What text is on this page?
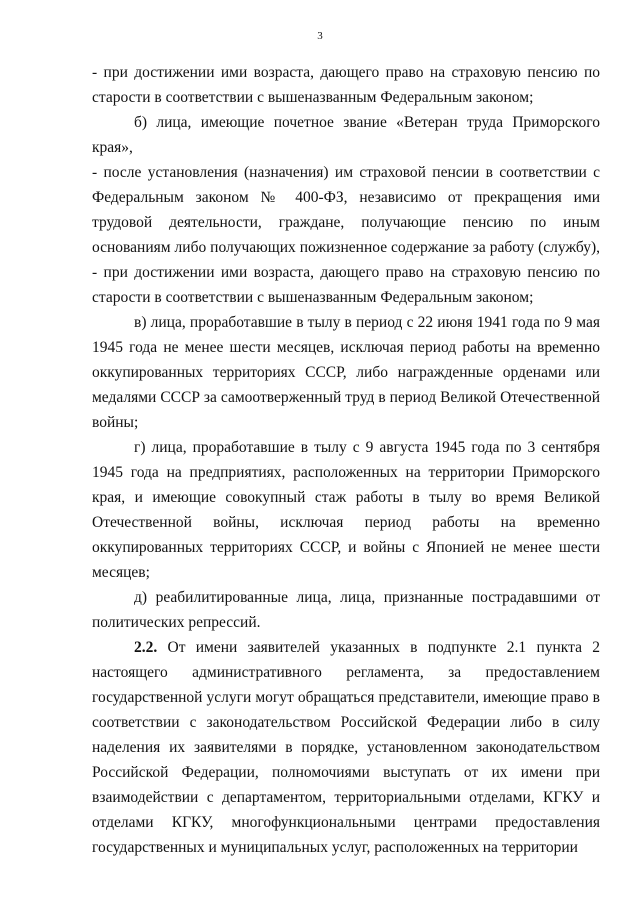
3

- при достижении ими возраста, дающего право на страховую пенсию по старости в соответствии с вышеназванным Федеральным законом;

б) лица, имеющие почетное звание «Ветеран труда Приморского края»,

- после установления (назначения) им страховой пенсии в соответствии с Федеральным законом № 400-ФЗ, независимо от прекращения ими трудовой деятельности, граждане, получающие пенсию по иным основаниям либо получающих пожизненное содержание за работу (службу), - при достижении ими возраста, дающего право на страховую пенсию по старости в соответствии с вышеназванным Федеральным законом;

в) лица, проработавшие в тылу в период с 22 июня 1941 года по 9 мая 1945 года не менее шести месяцев, исключая период работы на временно оккупированных территориях СССР, либо награжденные орденами или медалями СССР за самоотверженный труд в период Великой Отечественной войны;

г) лица, проработавшие в тылу с 9 августа 1945 года по 3 сентября 1945 года на предприятиях, расположенных на территории Приморского края, и имеющие совокупный стаж работы в тылу во время Великой Отечественной войны, исключая период работы на временно оккупированных территориях СССР, и войны с Японией не менее шести месяцев;

д) реабилитированные лица, лица, признанные пострадавшими от политических репрессий.

2.2. От имени заявителей указанных в подпункте 2.1 пункта 2 настоящего административного регламента, за предоставлением государственной услуги могут обращаться представители, имеющие право в соответствии с законодательством Российской Федерации либо в силу наделения их заявителями в порядке, установленном законодательством Российской Федерации, полномочиями выступать от их имени при взаимодействии с департаментом, территориальными отделами, КГКУ и отделами КГКУ, многофункциональными центрами предоставления государственных и муниципальных услуг, расположенных на территории
